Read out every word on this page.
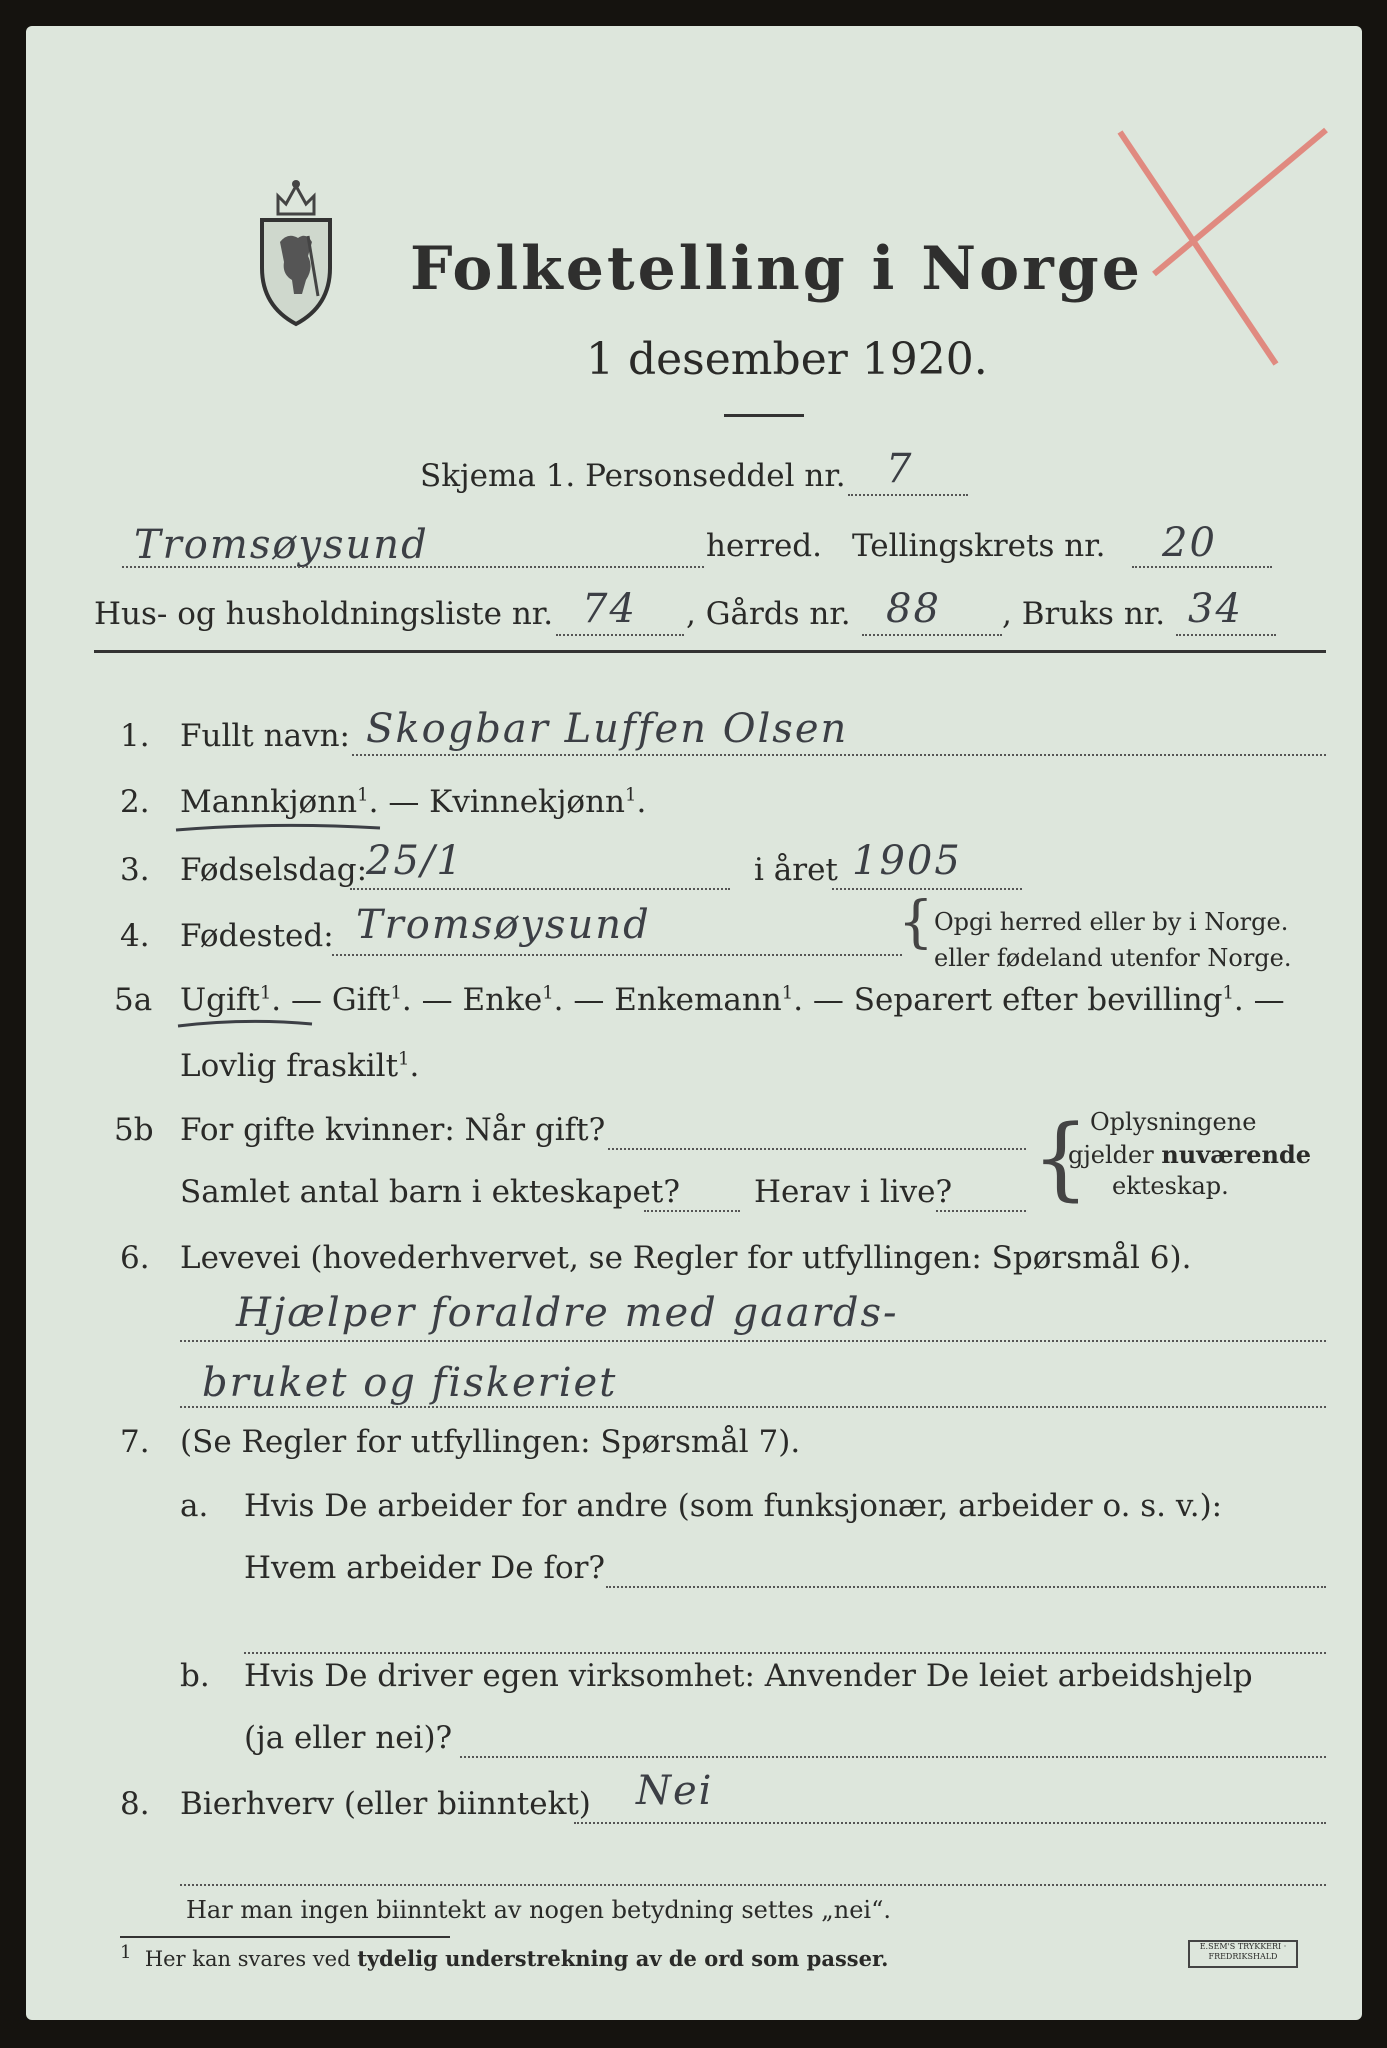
Folketelling i Norge
1 desember 1920.
Skjema 1. Personseddel nr. 7
Tromsøysund	herred. Tellingskrets nr. 20
Hus- og husholdningsliste nr. 74 , Gårds nr. 88 , Bruks nr. 34
1. Fullt navn: Skogbar Luffen Olsen
2. Mannkjønn$^1$. — Kvinnekjønn$^1$.
3. Fødselsdag:
25/1	i året 1905
4. Fødested: Tromsøysund	{ Opgi herred eller by i Norge.
eller fødeland utenfor Norge.
5a Ugift$^1$. — Gift$^1$. — Enke$^1$. — Enkemann$^1$. — Separert efter bevilling$^1$. —
Lovlig fraskilt$^1$.
5b For gifte kvinner: Når gift?
Samlet antal barn i ekteskapet? Herav i live? { Oplysningene
gjelder nuværende
ekteskap.
6. Levevei (hovederhvervet, se Regler for utfyllingen: Spørsmål 6).
Hjælper foraldre med gaards-
bruket og fiskeriet
7. (Se Regler for utfyllingen: Spørsmål 7).
a. Hvis De arbeider for andre (som funksjonær, arbeider o. s. v.):
Hvem arbeider De for?
b. Hvis De driver egen virksomhet: Anvender De leiet arbeidshjelp
(ja eller nei)?
8. Bierhverv (eller biinntekt) Nei
Har man ingen biinntekt av nogen betydning settes „nei“.
1 Her kan svares ved tydelig understrekning av de ord som passer.	E.SEM'S TRYKKERI · FREDRIKSHALD
